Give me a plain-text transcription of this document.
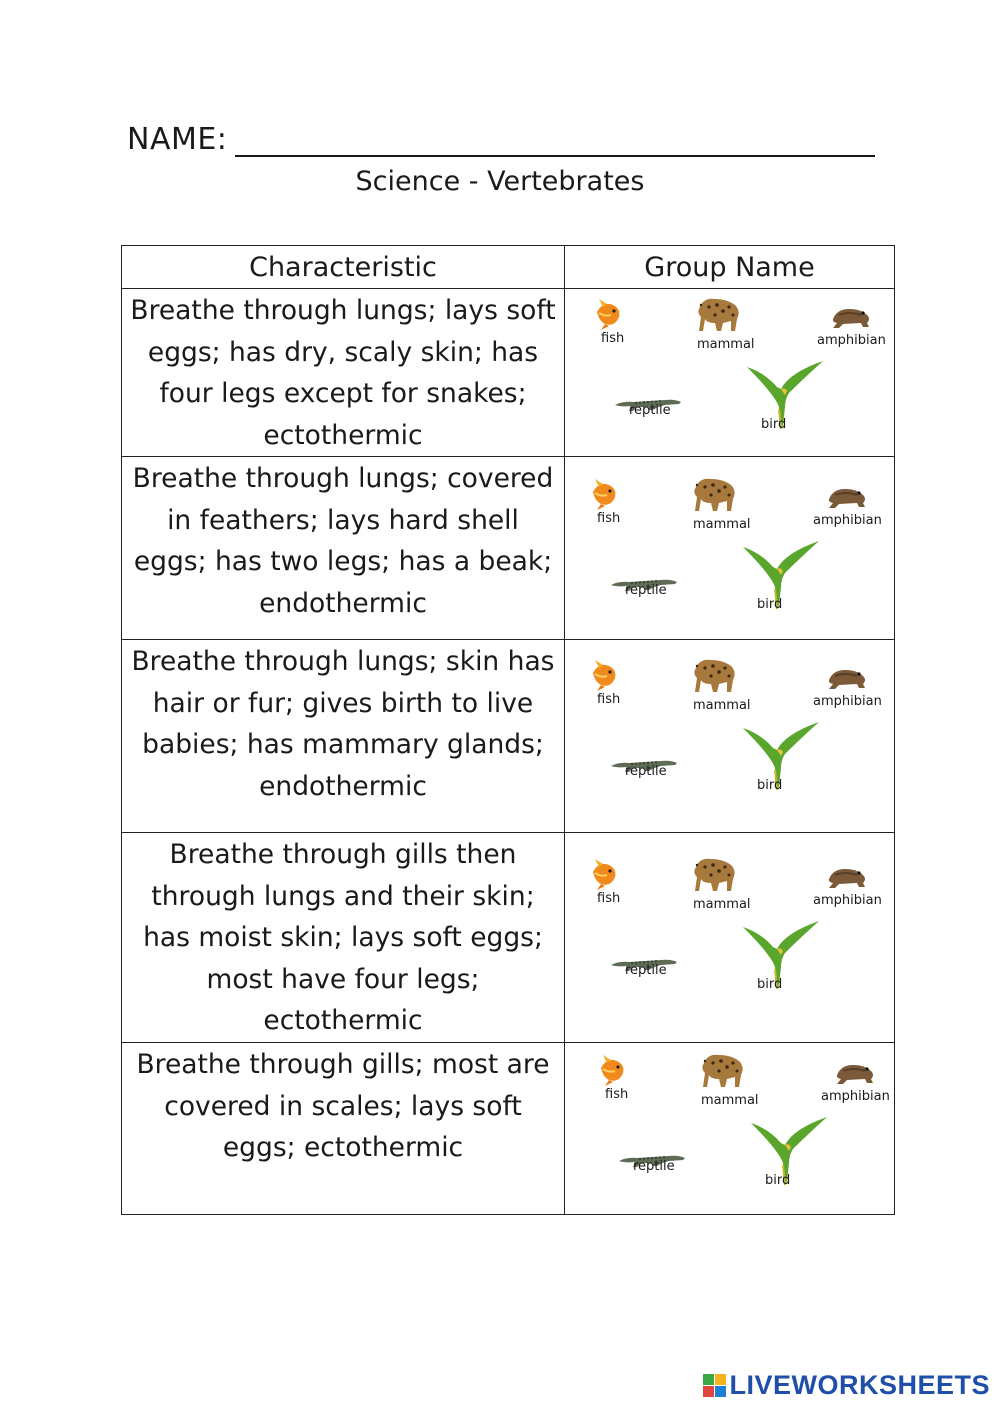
NAME:
Science - Vertebrates
Characteristic	Group Name
Breathe through lungs; lays soft eggs; has dry, scaly skin; has four legs except for snakes; ectothermic	fish mammal amphibian
reptile
bird

Breathe through lungs; covered in feathers; lays hard shell eggs; has two legs; has a beak; endothermic	fish mammal amphibian
reptile
bird

Breathe through lungs; skin has hair or fur; gives birth to live babies; has mammary glands; endothermic	fish mammal amphibian
reptile
bird

Breathe through gills then through lungs and their skin; has moist skin; lays soft eggs; most have four legs; ectothermic	fish mammal amphibian
reptile
bird

Breathe through gills; most are covered in scales; lays soft eggs; ectothermic	fish mammal amphibian
reptile
bird
LIVEWORKSHEETS
